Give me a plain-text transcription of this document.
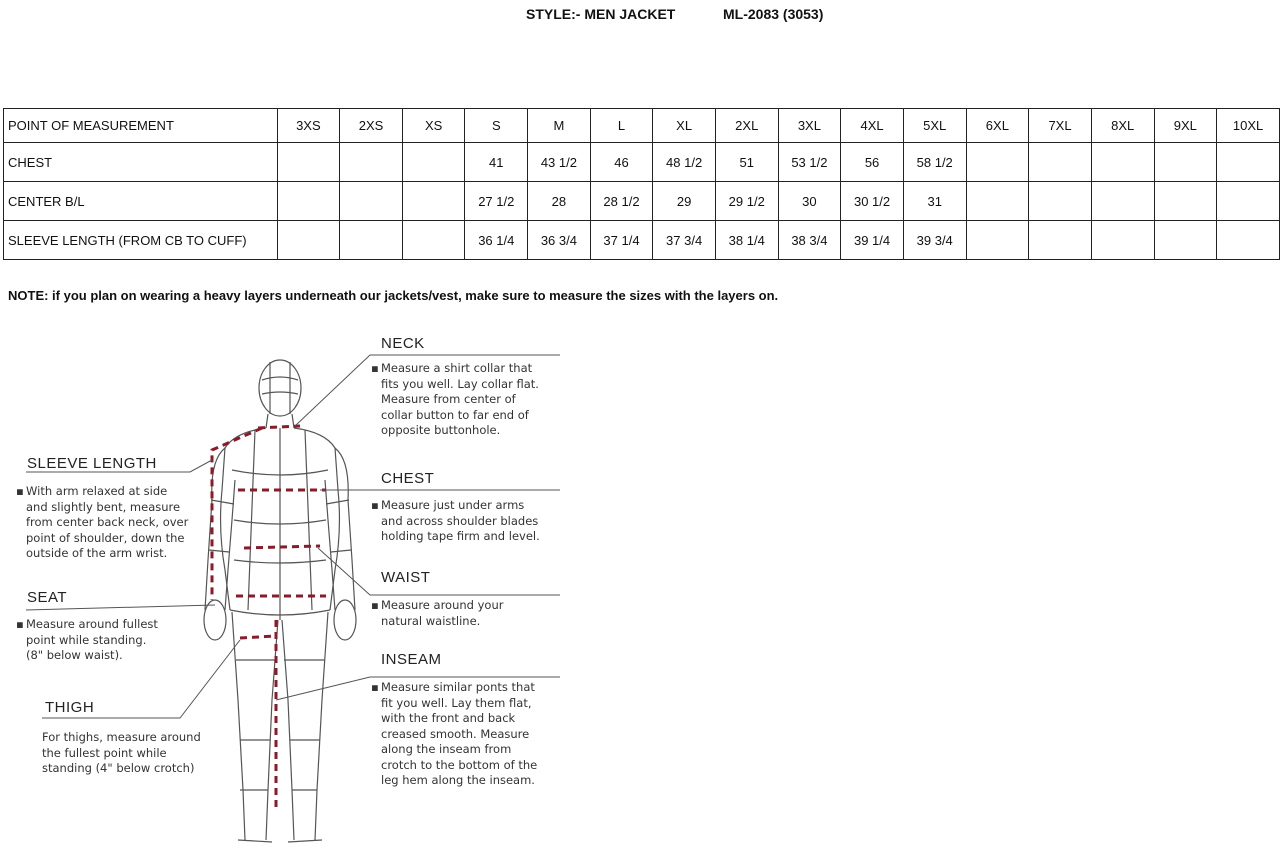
STYLE:- MEN JACKET	ML-2083 (3053)
POINT OF MEASUREMENT	3XS	2XS	XS	S	M	L	XL	2XL	3XL	4XL	5XL	6XL	7XL	8XL	9XL	10XL
CHEST				41	43 1/2	46	48 1/2	51	53 1/2	56	58 1/2					
CENTER B/L				27 1/2	28	28 1/2	29	29 1/2	30	30 1/2	31					
SLEEVE LENGTH (FROM CB TO CUFF)				36 1/4	36 3/4	37 1/4	37 3/4	38 1/4	38 3/4	39 1/4	39 3/4					
NOTE: if you plan on wearing a heavy layers underneath our jackets/vest, make sure to measure the sizes with the layers on.
NECK
▪ Measure a shirt collar that
fits you well. Lay collar flat.
Measure from center of
collar button to far end of
opposite buttonhole.
SLEEVE LENGTH
▪ With arm relaxed at side
and slightly bent, measure
from center back neck, over
point of shoulder, down the
outside of the arm wrist.
CHEST
▪ Measure just under arms
and across shoulder blades
holding tape firm and level.
WAIST
▪ Measure around your
natural waistline.
SEAT
▪ Measure around fullest
point while standing.
(8" below waist).	INSEAM
▪ Measure similar ponts that
fit you well. Lay them flat,
with the front and back
creased smooth. Measure
along the inseam from
crotch to the bottom of the
leg hem along the inseam.
THIGH
For thighs, measure around
the fullest point while
standing (4" below crotch)
